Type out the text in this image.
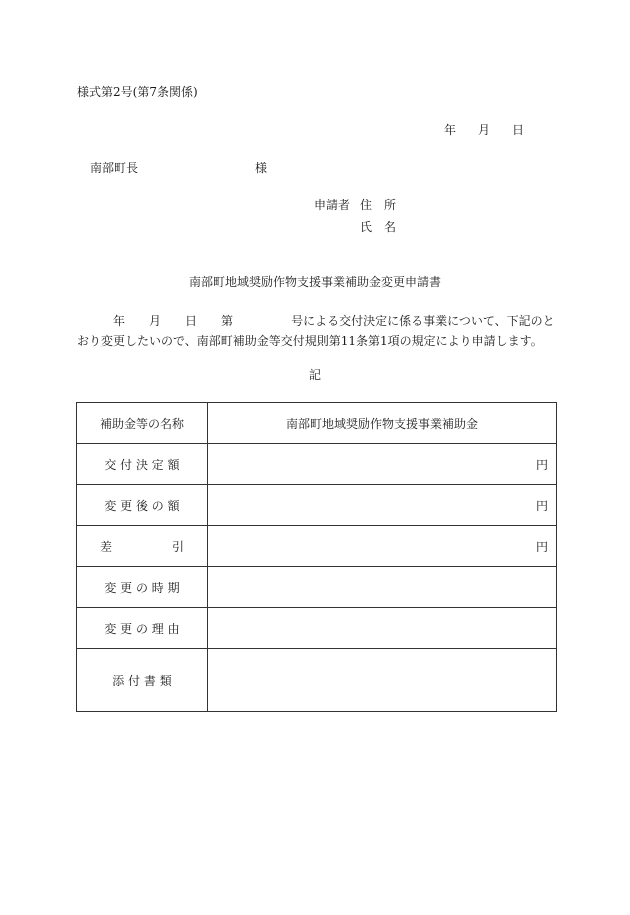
様式第2号(第7条関係)
年 月 日
南部町長	様
申請者 住　所
氏　名
南部町地域奨励作物支援事業補助金変更申請書
年 月 日 第	号による交付決定に係る事業について、下記のと
おり変更したいので、南部町補助金等交付規則第11条第1項の規定により申請します。
記
補助金等の名称	南部町地域奨励作物支援事業補助金
交 付 決 定 額	円
変 更 後 の 額	円
差　　　　　引	円
変 更 の 時 期	
変 更 の 理 由	
添 付 書 類	
